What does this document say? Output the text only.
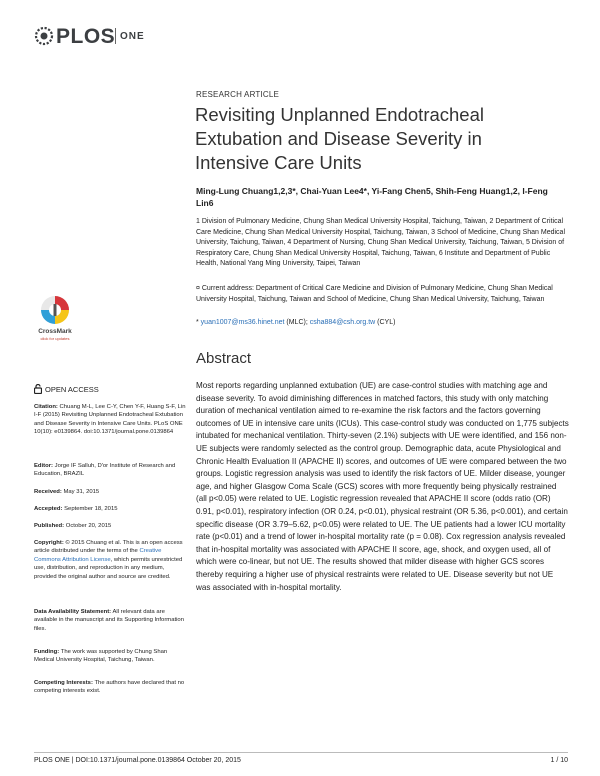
PLOS ONE
RESEARCH ARTICLE
Revisiting Unplanned Endotracheal Extubation and Disease Severity in Intensive Care Units
Ming-Lung Chuang1,2,3*, Chai-Yuan Lee4*, Yi-Fang Chen5, Shih-Feng Huang1,2, I-Feng Lin6
1 Division of Pulmonary Medicine, Chung Shan Medical University Hospital, Taichung, Taiwan, 2 Department of Critical Care Medicine, Chung Shan Medical University Hospital, Taichung, Taiwan, 3 School of Medicine, Chung Shan Medical University, Taichung, Taiwan, 4 Department of Nursing, Chung Shan Medical University, Taichung, Taiwan, 5 Division of Respiratory Care, Chung Shan Medical University Hospital, Taichung, Taiwan, 6 Institute and Department of Public Health, National Yang Ming University, Taipei, Taiwan
¤ Current address: Department of Critical Care Medicine and Division of Pulmonary Medicine, Chung Shan Medical University Hospital, Taichung, Taiwan and School of Medicine, Chung Shan Medical University, Taichung, Taiwan
* yuan1007@ms36.hinet.net (MLC); csha884@csh.org.tw (CYL)
CrossMark
click for updates
OPEN ACCESS
Citation: Chuang M-L, Lee C-Y, Chen Y-F, Huang S-F, Lin I-F (2015) Revisiting Unplanned Endotracheal Extubation and Disease Severity in Intensive Care Units. PLoS ONE 10(10): e0139864. doi:10.1371/journal.pone.0139864
Editor: Jorge IF Salluh, D'or Institute of Research and Education, BRAZIL
Received: May 31, 2015
Accepted: September 18, 2015
Published: October 20, 2015
Copyright: © 2015 Chuang et al. This is an open access article distributed under the terms of the Creative Commons Attribution License, which permits unrestricted use, distribution, and reproduction in any medium, provided the original author and source are credited.
Data Availability Statement: All relevant data are available in the manuscript and its Supporting Information files.
Funding: The work was supported by Chung Shan Medical University Hospital, Taichung, Taiwan.
Competing Interests: The authors have declared that no competing interests exist.
Abstract
Most reports regarding unplanned extubation (UE) are case-control studies with matching age and disease severity. To avoid diminishing differences in matched factors, this study with only matching duration of mechanical ventilation aimed to re-examine the risk factors and the factors governing outcomes of UE in intensive care units (ICUs). This case-control study was conducted on 1,775 subjects intubated for mechanical ventilation. Thirty-seven (2.1%) subjects with UE were identified, and 156 non-UE subjects were randomly selected as the control group. Demographic data, acute Physiological and Chronic Health Evaluation II (APACHE II) scores, and outcomes of UE were compared between the two groups. Logistic regression analysis was used to identify the risk factors of UE. Milder disease, younger age, and higher Glasgow Coma Scale (GCS) scores with more frequently being physically restrained (all p<0.05) were related to UE. Logistic regression revealed that APACHE II score (odds ratio (OR) 0.91, p<0.01), respiratory infection (OR 0.24, p<0.01), physical restraint (OR 5.36, p<0.001), and certain specific disease (OR 3.79–5.62, p<0.05) were related to UE. The UE patients had a lower ICU mortality rate (p<0.01) and a trend of lower in-hospital mortality rate (p = 0.08). Cox regression analysis revealed that in-hospital mortality was associated with APACHE II score, age, shock, and oxygen used, all of which were co-linear, but not UE. The results showed that milder disease with higher GCS scores thereby requiring a higher use of physical restraints were related to UE. Disease severity but not UE was associated with in-hospital mortality.
PLOS ONE | DOI:10.1371/journal.pone.0139864 October 20, 2015	1 / 10
